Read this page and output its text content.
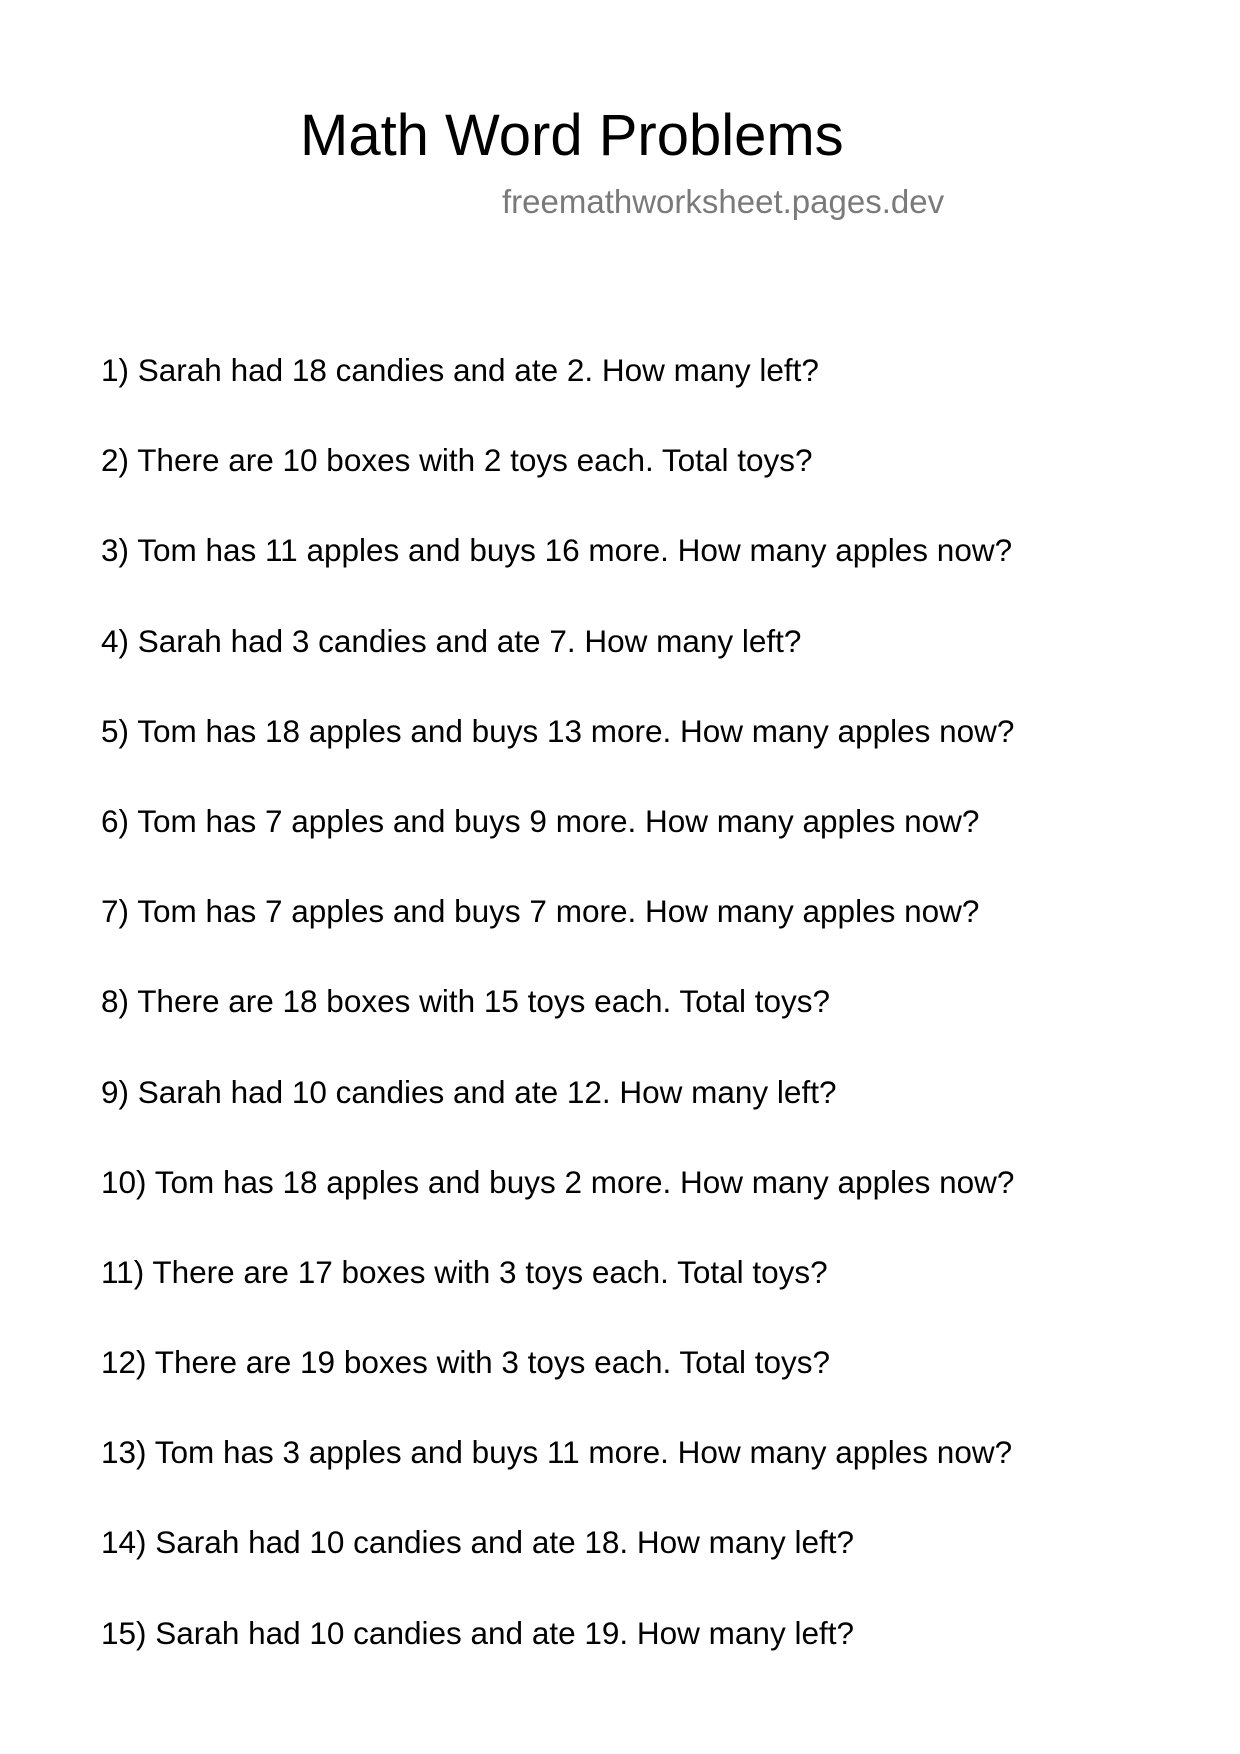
Math Word Problems
freemathworksheet.pages.dev
1) Sarah had 18 candies and ate 2. How many left?
2) There are 10 boxes with 2 toys each. Total toys?
3) Tom has 11 apples and buys 16 more. How many apples now?
4) Sarah had 3 candies and ate 7. How many left?
5) Tom has 18 apples and buys 13 more. How many apples now?
6) Tom has 7 apples and buys 9 more. How many apples now?
7) Tom has 7 apples and buys 7 more. How many apples now?
8) There are 18 boxes with 15 toys each. Total toys?
9) Sarah had 10 candies and ate 12. How many left?
10) Tom has 18 apples and buys 2 more. How many apples now?
11) There are 17 boxes with 3 toys each. Total toys?
12) There are 19 boxes with 3 toys each. Total toys?
13) Tom has 3 apples and buys 11 more. How many apples now?
14) Sarah had 10 candies and ate 18. How many left?
15) Sarah had 10 candies and ate 19. How many left?
